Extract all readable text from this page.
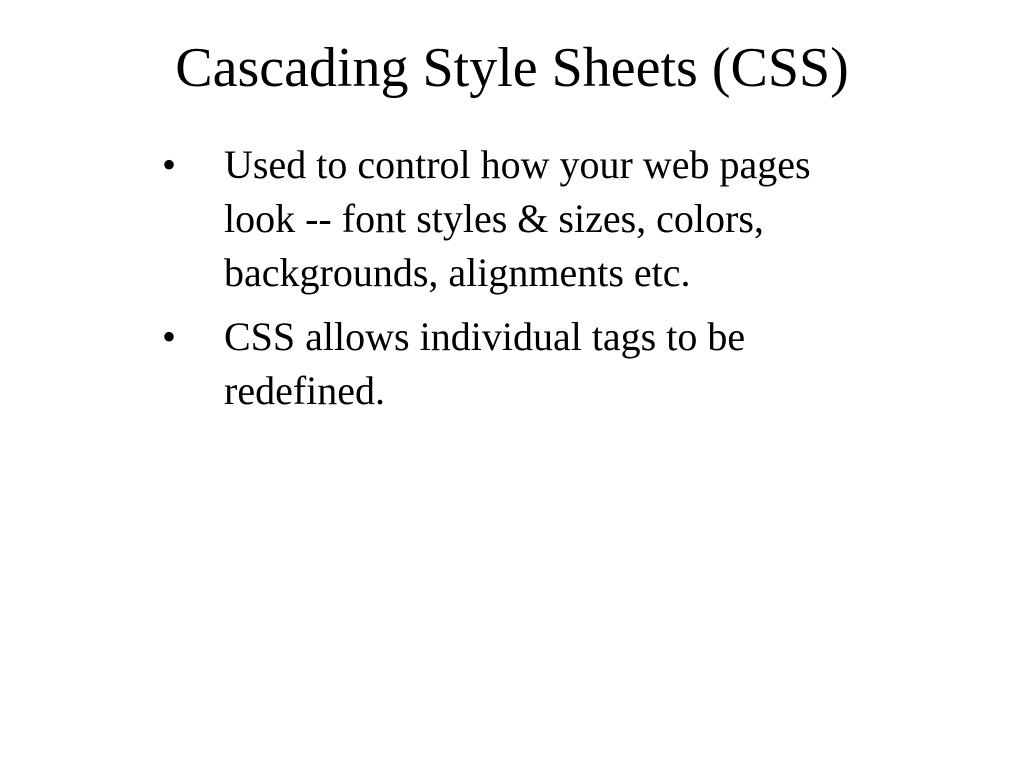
Cascading Style Sheets (CSS)
• Used to control how your web pages look -- font styles & sizes, colors, backgrounds, alignments etc.
• CSS allows individual tags to be redefined.
